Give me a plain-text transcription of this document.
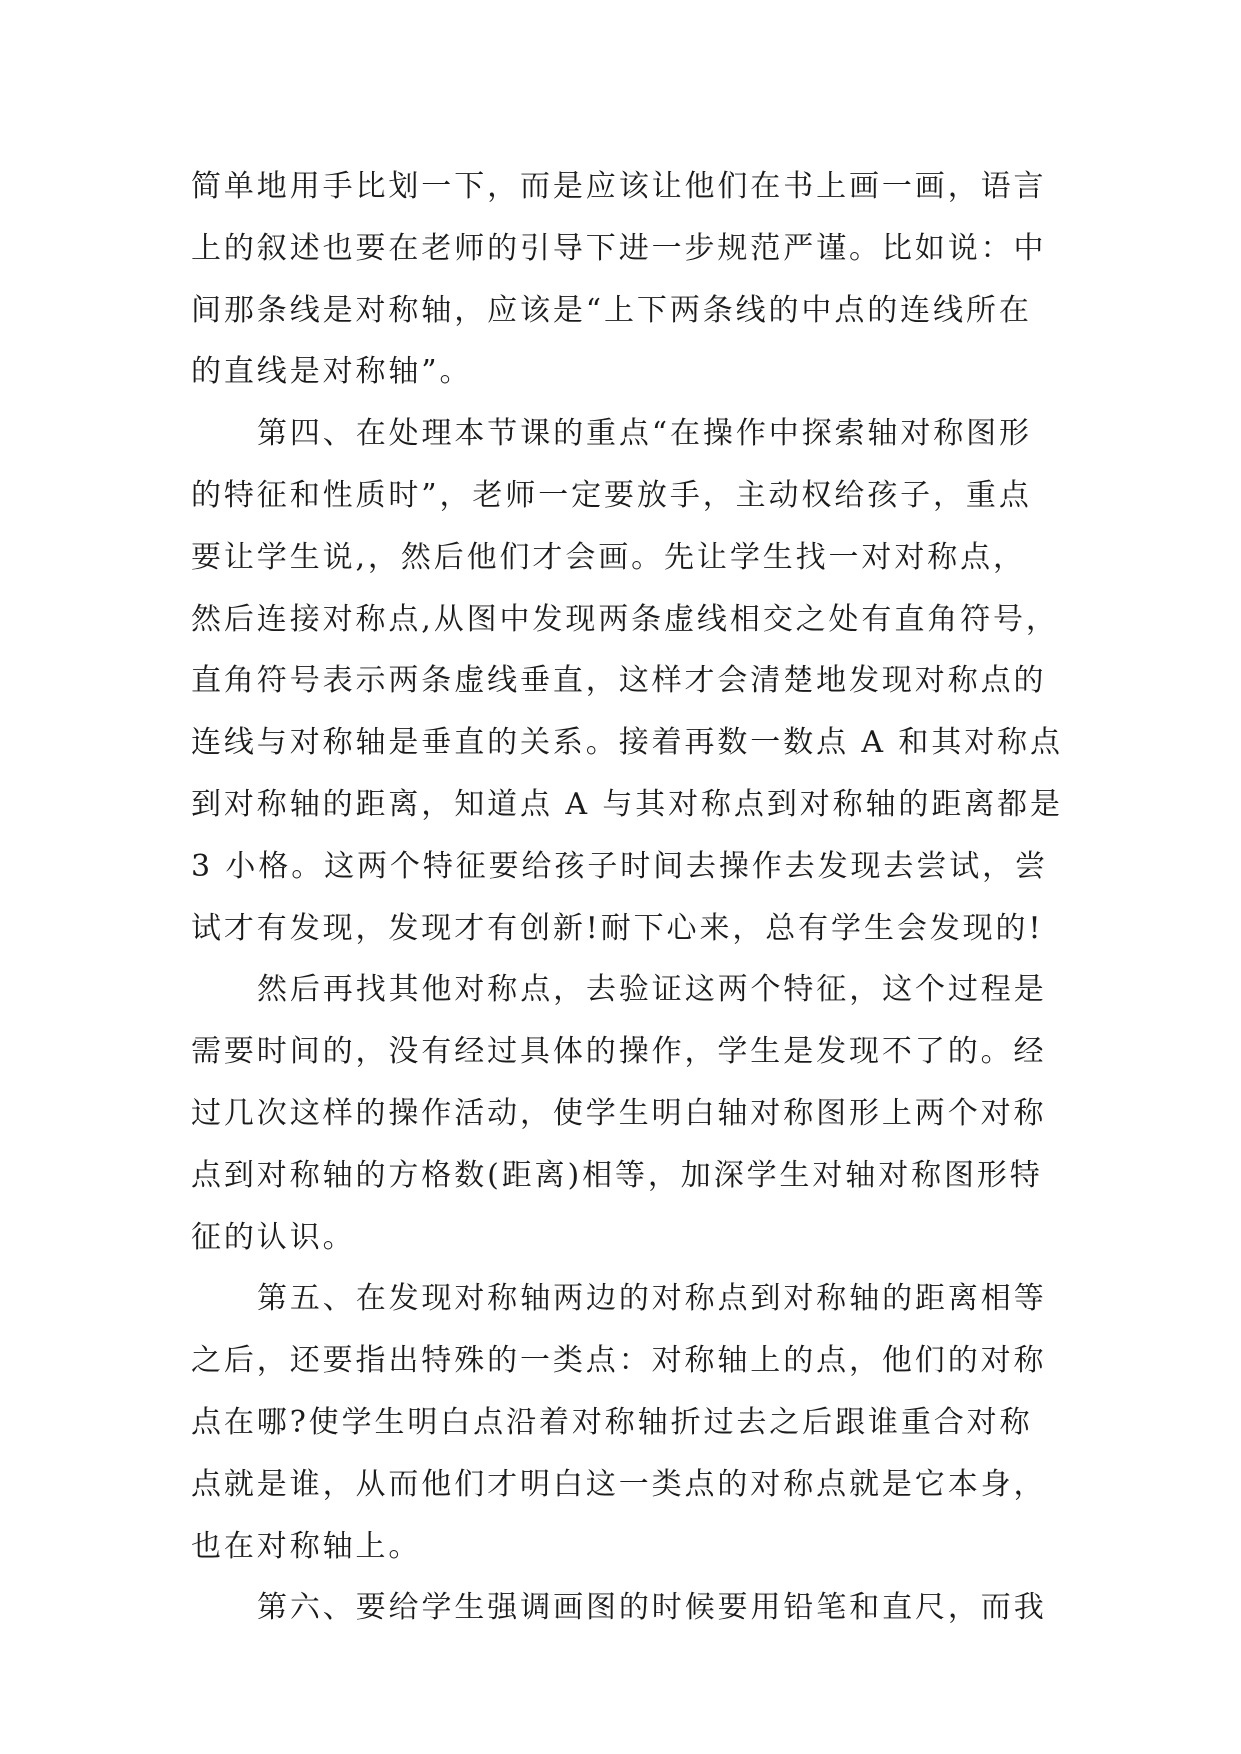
简单地用手比划一下，而是应该让他们在书上画一画，语言
上的叙述也要在老师的引导下进一步规范严谨。比如说：中
间那条线是对称轴，应该是“上下两条线的中点的连线所在
的直线是对称轴”。
第四、在处理本节课的重点“在操作中探索轴对称图形
的特征和性质时”，老师一定要放手，主动权给孩子，重点
要让学生说,，然后他们才会画。先让学生找一对对称点，
然后连接对称点,从图中发现两条虚线相交之处有直角符号，
直角符号表示两条虚线垂直，这样才会清楚地发现对称点的
连线与对称轴是垂直的关系。接着再数一数点 A 和其对称点
到对称轴的距离，知道点 A 与其对称点到对称轴的距离都是
3 小格。这两个特征要给孩子时间去操作去发现去尝试，尝
试才有发现，发现才有创新!耐下心来，总有学生会发现的!
然后再找其他对称点，去验证这两个特征，这个过程是
需要时间的，没有经过具体的操作，学生是发现不了的。经
过几次这样的操作活动，使学生明白轴对称图形上两个对称
点到对称轴的方格数(距离)相等，加深学生对轴对称图形特
征的认识。
第五、在发现对称轴两边的对称点到对称轴的距离相等
之后，还要指出特殊的一类点：对称轴上的点，他们的对称
点在哪?使学生明白点沿着对称轴折过去之后跟谁重合对称
点就是谁，从而他们才明白这一类点的对称点就是它本身，
也在对称轴上。
第六、要给学生强调画图的时候要用铅笔和直尺，而我
